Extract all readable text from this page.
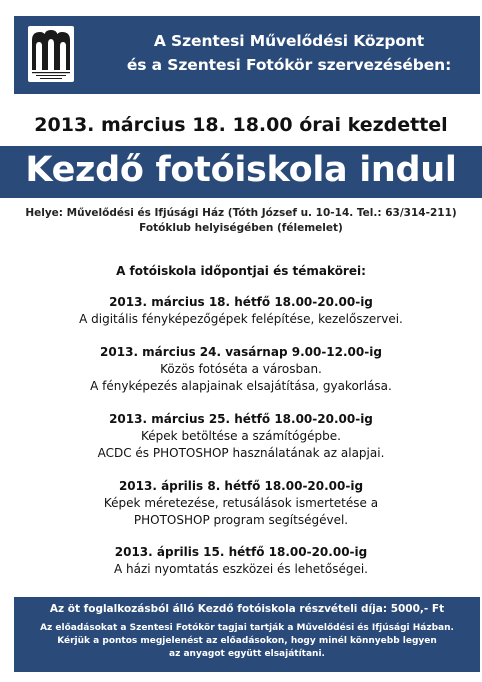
A Szentesi Művelődési Központ
és a Szentesi Fotókör szervezésében:
2013. március 18. 18.00 órai kezdettel
Kezdő fotóiskola indul
Helye: Művelődési és Ifjúsági Ház (Tóth József u. 10-14. Tel.: 63/314-211)
Fotóklub helyiségében (félemelet)
A fotóiskola időpontjai és témakörei:
2013. március 18. hétfő 18.00-20.00-ig
A digitális fényképezőgépek felépítése, kezelőszervei.
2013. március 24. vasárnap 9.00-12.00-ig
Közös fotóséta a városban.
A fényképezés alapjainak elsajátítása, gyakorlása.
2013. március 25. hétfő 18.00-20.00-ig
Képek betöltése a számítógépbe.
ACDC és PHOTOSHOP használatának az alapjai.
2013. április 8. hétfő 18.00-20.00-ig
Képek méretezése, retusálások ismertetése a
PHOTOSHOP program segítségével.
2013. április 15. hétfő 18.00-20.00-ig
A házi nyomtatás eszközei és lehetőségei.
Az öt foglalkozásból álló Kezdő fotóiskola részvételi díja: 5000,- Ft
Az előadásokat a Szentesi Fotókör tagjai tartják a Művelődési és Ifjúsági Házban.
Kérjük a pontos megjelenést az előadásokon, hogy minél könnyebb legyen
az anyagot együtt elsajátítani.
